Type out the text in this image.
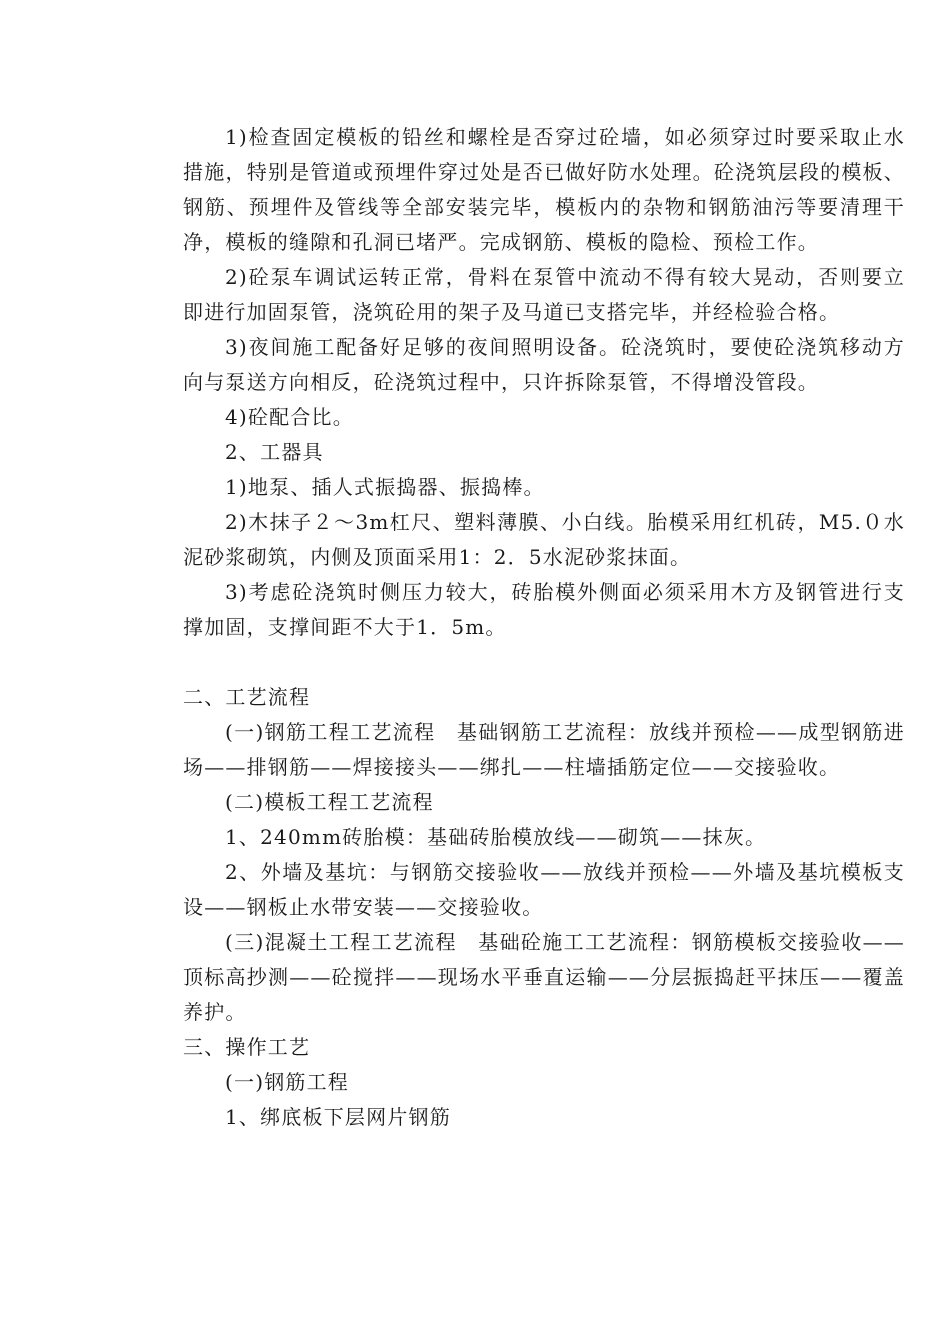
1)检查固定模板的铅丝和螺栓是否穿过砼墙，如必须穿过时要采取止水措施，特别是管道或预埋件穿过处是否已做好防水处理。砼浇筑层段的模板、钢筋、预埋件及管线等全部安装完毕，模板内的杂物和钢筋油污等要清理干净，模板的缝隙和孔洞已堵严。完成钢筋、模板的隐检、预检工作。

2)砼泵车调试运转正常，骨料在泵管中流动不得有较大晃动，否则要立即进行加固泵管，浇筑砼用的架子及马道已支搭完毕，并经检验合格。

3)夜间施工配备好足够的夜间照明设备。砼浇筑时，要使砼浇筑移动方向与泵送方向相反，砼浇筑过程中，只许拆除泵管，不得增没管段。

4)砼配合比。

2、工器具

1)地泵、插人式振捣器、振捣棒。

2)木抹子２～3m杠尺、塑料薄膜、小白线。胎模采用红机砖，M5.０水泥砂浆砌筑，内侧及顶面采用1：2．5水泥砂浆抹面。

3)考虑砼浇筑时侧压力较大，砖胎模外侧面必须采用木方及钢管进行支撑加固，支撑间距不大于1．5m。

二、工艺流程

(一)钢筋工程工艺流程　基础钢筋工艺流程：放线并预检——成型钢筋进场——排钢筋——焊接接头——绑扎——柱墙插筋定位——交接验收。

(二)模板工程工艺流程

1、240mm砖胎模：基础砖胎模放线——砌筑——抹灰。

2、外墙及基坑：与钢筋交接验收——放线并预检——外墙及基坑模板支设——钢板止水带安装——交接验收。

(三)混凝土工程工艺流程　基础砼施工工艺流程：钢筋模板交接验收——顶标高抄测——砼搅拌——现场水平垂直运输——分层振捣赶平抹压——覆盖养护。

三、操作工艺

(一)钢筋工程

1、绑底板下层网片钢筋
